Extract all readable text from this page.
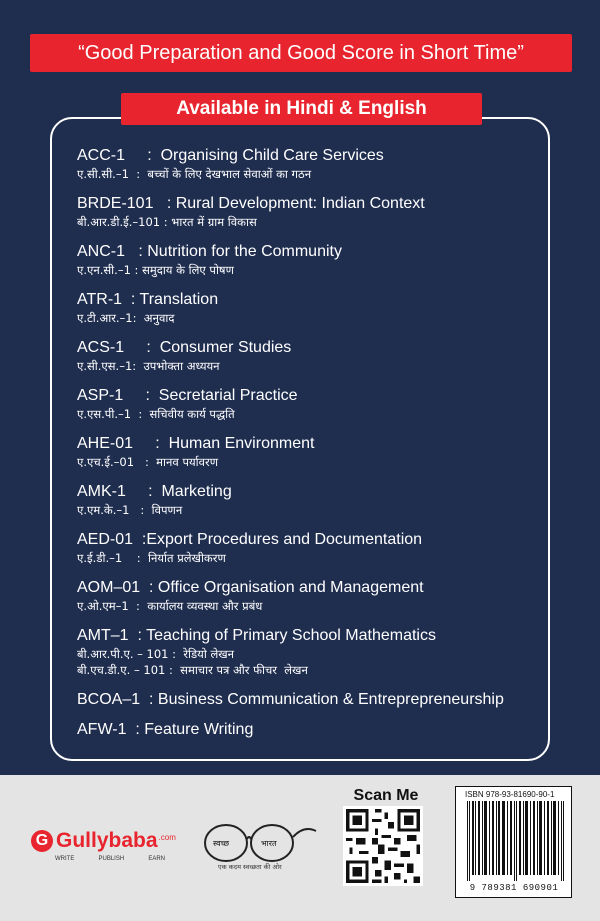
“Good Preparation and Good Score in Short Time”
Available in Hindi & English
ACC-1     :  Organising Child Care Services
ए.सी.सी.–1  :  बच्चों के लिए देखभाल सेवाओं का गठन
BRDE-101   : Rural Development: Indian Context
बी.आर.डी.ई.–101 : भारत में ग्राम विकास
ANC-1   : Nutrition for the Community
ए.एन.सी.–1 : समुदाय के लिए पोषण
ATR-1  : Translation
ए.टी.आर.–1:  अनुवाद
ACS-1     :  Consumer Studies
ए.सी.एस.–1:  उपभोक्ता अध्ययन
ASP-1     :  Secretarial Practice
ए.एस.पी.–1  :  सचिवीय कार्य पद्धति
AHE-01     :  Human Environment
ए.एच.ई.–01   :  मानव पर्यावरण
AMK-1     :  Marketing
ए.एम.के.–1   :  विपणन
AED-01  :Export Procedures and Documentation
ए.ई.डी.–1    :  निर्यात प्रलेखीकरण
AOM–01  : Office Organisation and Management
ए.ओ.एम–1  :  कार्यालय व्यवस्था और प्रबंध
AMT–1  : Teaching of Primary School Mathematics
बी.आर.पी.ए. – 101 :  रेडियो लेखन
बी.एच.डी.ए. – 101 :  समाचार पत्र और फीचर  लेखन
BCOA–1  : Business Communication & Entreprepreneurship
AFW-1  : Feature Writing
G Gullybaba .com
WRITE	PUBLISH	EARN
स्वच्छ	भारत
एक कदम स्वच्छता की ओर
Scan Me	ISBN 978-93-81690-90-1
9 789381 690901
